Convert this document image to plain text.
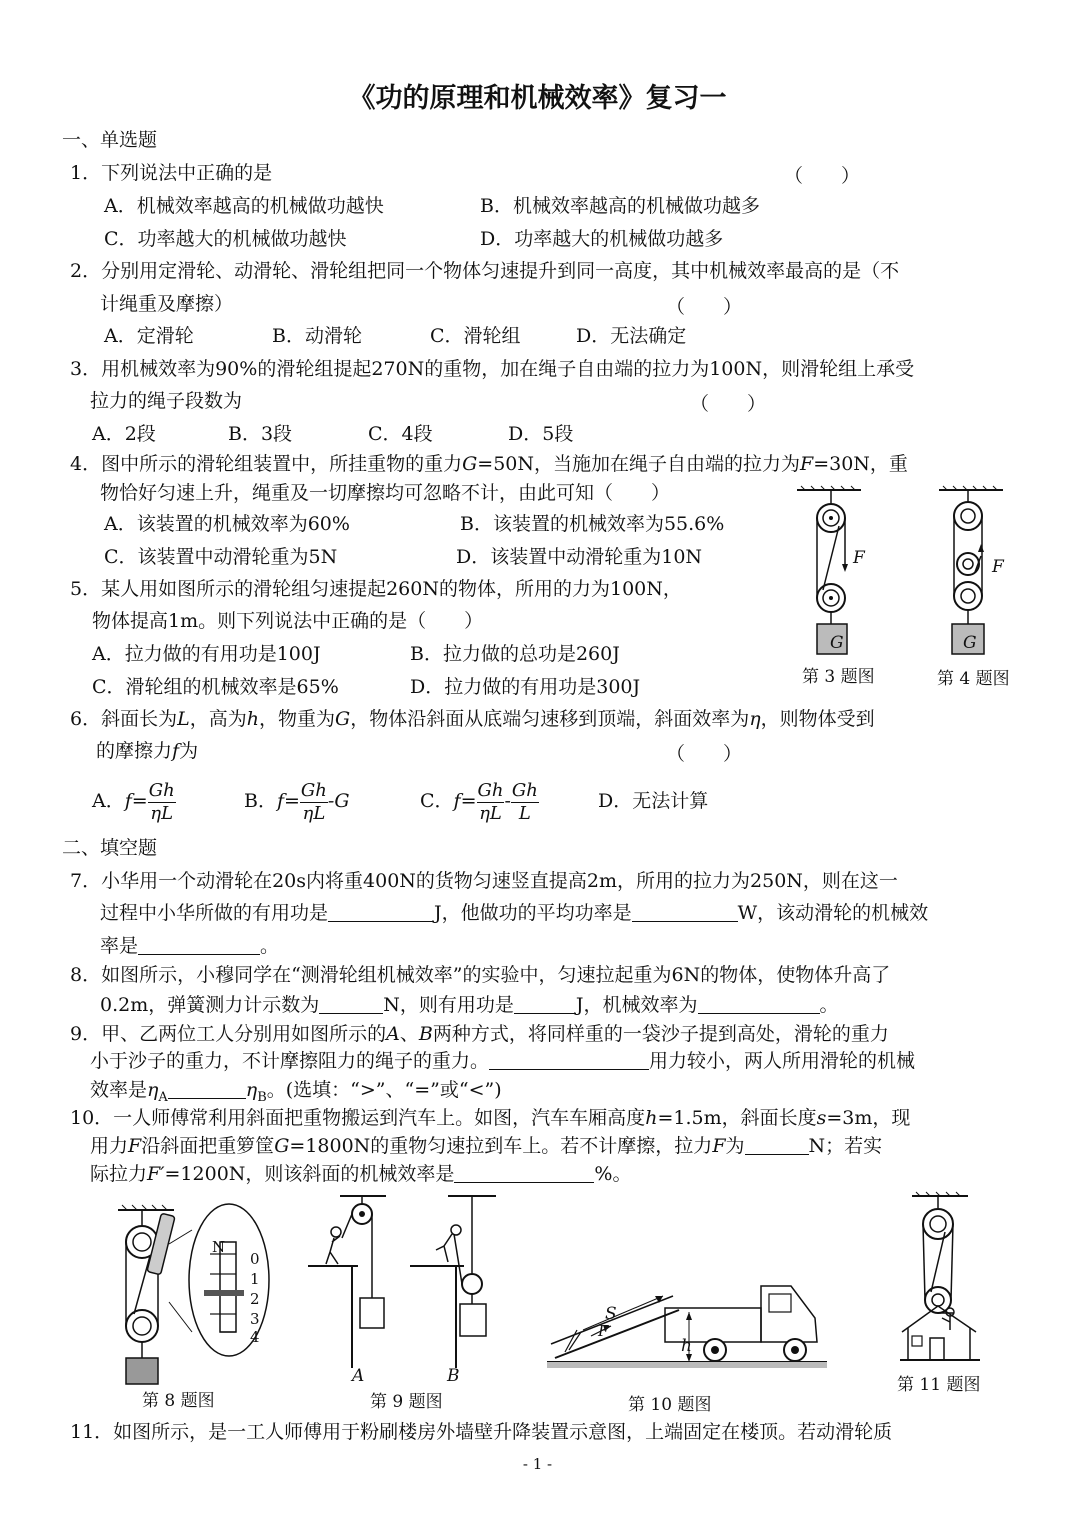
《功的原理和机械效率》复习一
一、单选题
1．下列说法中正确的是	（　　）
A．机械效率越高的机械做功越快	B．机械效率越高的机械做功越多
C．功率越大的机械做功越快	D．功率越大的机械做功越多
2．分别用定滑轮、动滑轮、滑轮组把同一个物体匀速提升到同一高度，其中机械效率最高的是（不
计绳重及摩擦）	（　　）
A．定滑轮	B．动滑轮	C．滑轮组	D．无法确定
3．用机械效率为90%的滑轮组提起270N的重物，加在绳子自由端的拉力为100N，则滑轮组上承受
拉力的绳子段数为	（　　）
A．2段	B．3段	C．4段	D．5段
4．图中所示的滑轮组装置中，所挂重物的重力G=50N，当施加在绳子自由端的拉力为F=30N，重
物恰好匀速上升，绳重及一切摩擦均可忽略不计，由此可知（　　）
A．该装置的机械效率为60%	B．该装置的机械效率为55.6%
C．该装置中动滑轮重为5N	D．该装置中动滑轮重为10N
5．某人用如图所示的滑轮组匀速提起260N的物体，所用的力为100N，
物体提高1m。则下列说法中正确的是（　　）
A．拉力做的有用功是100J	B．拉力做的总功是260J
C．滑轮组的机械效率是65%	D．拉力做的有用功是300J
F
G
第 3 题图
F
G
第 4 题图
6．斜面长为L，高为h，物重为G，物体沿斜面从底端匀速移到顶端，斜面效率为η，则物体受到
的摩擦力f为	（　　）
A．$f= \frac{Gh}{\eta L}$	B．$f= \frac{Gh}{\eta L} -G$	C．$f= \frac{Gh}{\eta L} - \frac{Gh}{L}$	D．无法计算
二、填空题
7．小华用一个动滑轮在20s内将重400N的货物匀速竖直提高2m，所用的拉力为250N，则在这一
过程中小华所做的有用功是	J，他做功的平均功率是	W，该动滑轮的机械效
率是	。
8．如图所示，小穆同学在“测滑轮组机械效率”的实验中，匀速拉起重为6N的物体，使物体升高了
0.2m，弹簧测力计示数为	N，则有用功是	J，机械效率为	。
9．甲、乙两位工人分别用如图所示的A、B两种方式，将同样重的一袋沙子提到高处，滑轮的重力
小于沙子的重力，不计摩擦阻力的绳子的重力。	用力较小，两人所用滑轮的机械
效率是$\eta_A$	$\eta_B$。(选填：“>”、“=”或“<”)
10．一人师傅常利用斜面把重物搬运到汽车上。如图，汽车车厢高度h=1.5m，斜面长度s=3m，现
用力F沿斜面把重箩筐G=1800N的重物匀速拉到车上。若不计摩擦，拉力F为	N；若实
际拉力F′=1200N，则该斜面的机械效率是	%。
N
0
1
2
3
4
第 8 题图
A	B
第 9 题图
S
F
h
第 10 题图
第 11 题图
11．如图所示，是一工人师傅用于粉刷楼房外墙壁升降装置示意图，上端固定在楼顶。若动滑轮质
- 1 -
